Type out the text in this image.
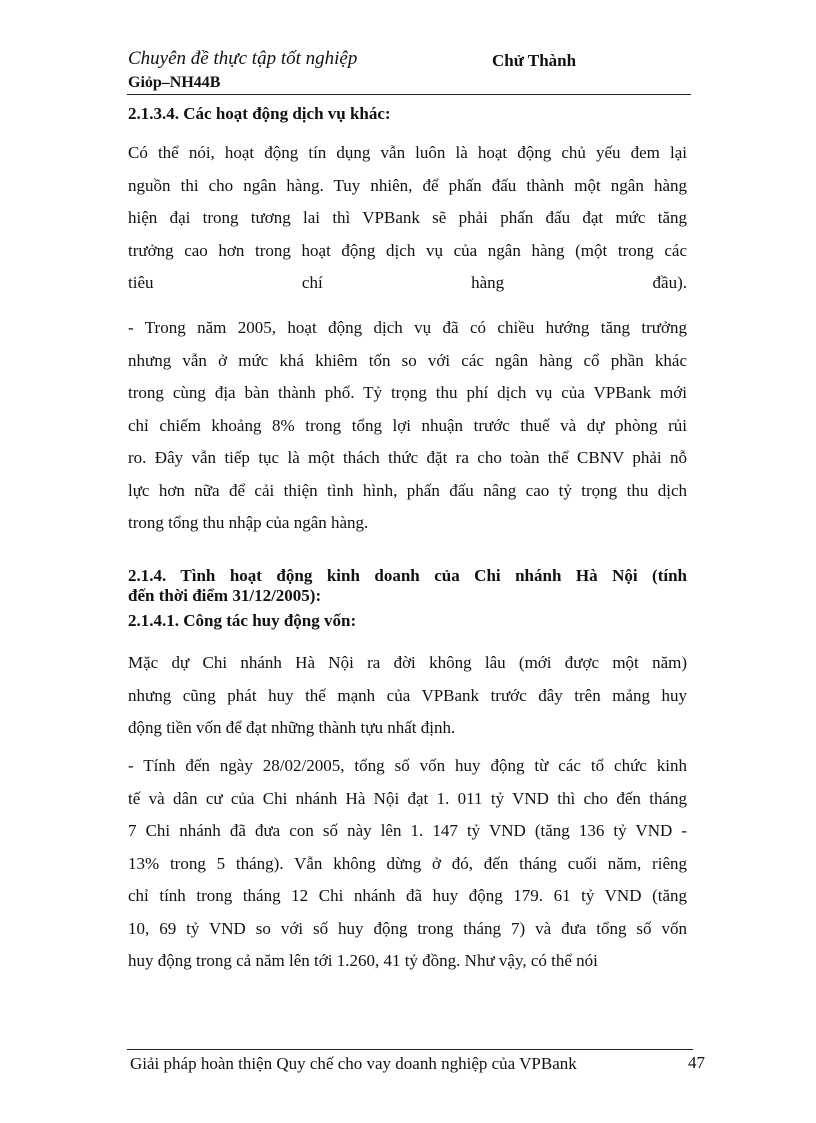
Chuyên đề thực tập tốt nghiệp	Chử Thành
Giỏp–NH44B
2.1.3.4. Các hoạt động dịch vụ khác:
Có thể nói, hoạt động tín dụng vẫn luôn là hoạt động chủ yếu đem lại
nguồn thi cho ngân hàng. Tuy nhiên, để phấn đấu thành một ngân hàng
hiện đại trong tương lai thì VPBank sẽ phải phấn đấu đạt mức tăng
trưởng cao hơn trong hoạt động dịch vụ của ngân hàng (một trong các
tiêu chí hàng đầu).
- Trong năm 2005, hoạt động dịch vụ đã có chiều hướng tăng trưởng
nhưng vẫn ở mức khá khiêm tốn so với các ngân hàng cổ phần khác
trong cùng địa bàn thành phố. Tỷ trọng thu phí dịch vụ của VPBank mới
chỉ chiếm khoảng 8% trong tổng lợi nhuận trước thuế và dự phòng rủi
ro. Đây vẫn tiếp tục là một thách thức đặt ra cho toàn thể CBNV phải nỗ
lực hơn nữa để cải thiện tình hình, phấn đấu nâng cao tỷ trọng thu dịch
trong tổng thu nhập của ngân hàng.
2.1.4. Tình hoạt động kinh doanh của Chi nhánh Hà Nội (tính
đến thời điểm 31/12/2005):
2.1.4.1. Công tác huy động vốn:
Mặc dự Chi nhánh Hà Nội ra đời không lâu (mới được một năm)
nhưng cũng phát huy thế mạnh của VPBank trước đây trên mảng huy
động tiền vốn để đạt những thành tựu nhất định.
- Tính đến ngày 28/02/2005, tổng số vốn huy động từ các tổ chức kinh
tế và dân cư của Chi nhánh Hà Nội đạt 1. 011 tỷ VND thì cho đến tháng
7 Chi nhánh đã đưa con số này lên 1. 147 tỷ VND (tăng 136 tỷ VND -
13% trong 5 tháng). Vẫn không dừng ở đó, đến tháng cuối năm, riêng
chỉ tính trong tháng 12 Chi nhánh đã huy động 179. 61 tỷ VND (tăng
10, 69 tỷ VND so với số huy động trong tháng 7) và đưa tổng số vốn
huy động trong cả năm lên tới 1.260, 41 tỷ đồng. Như vậy, có thể nói
Giải pháp hoàn thiện Quy chế cho vay doanh nghiệp của VPBank	47
